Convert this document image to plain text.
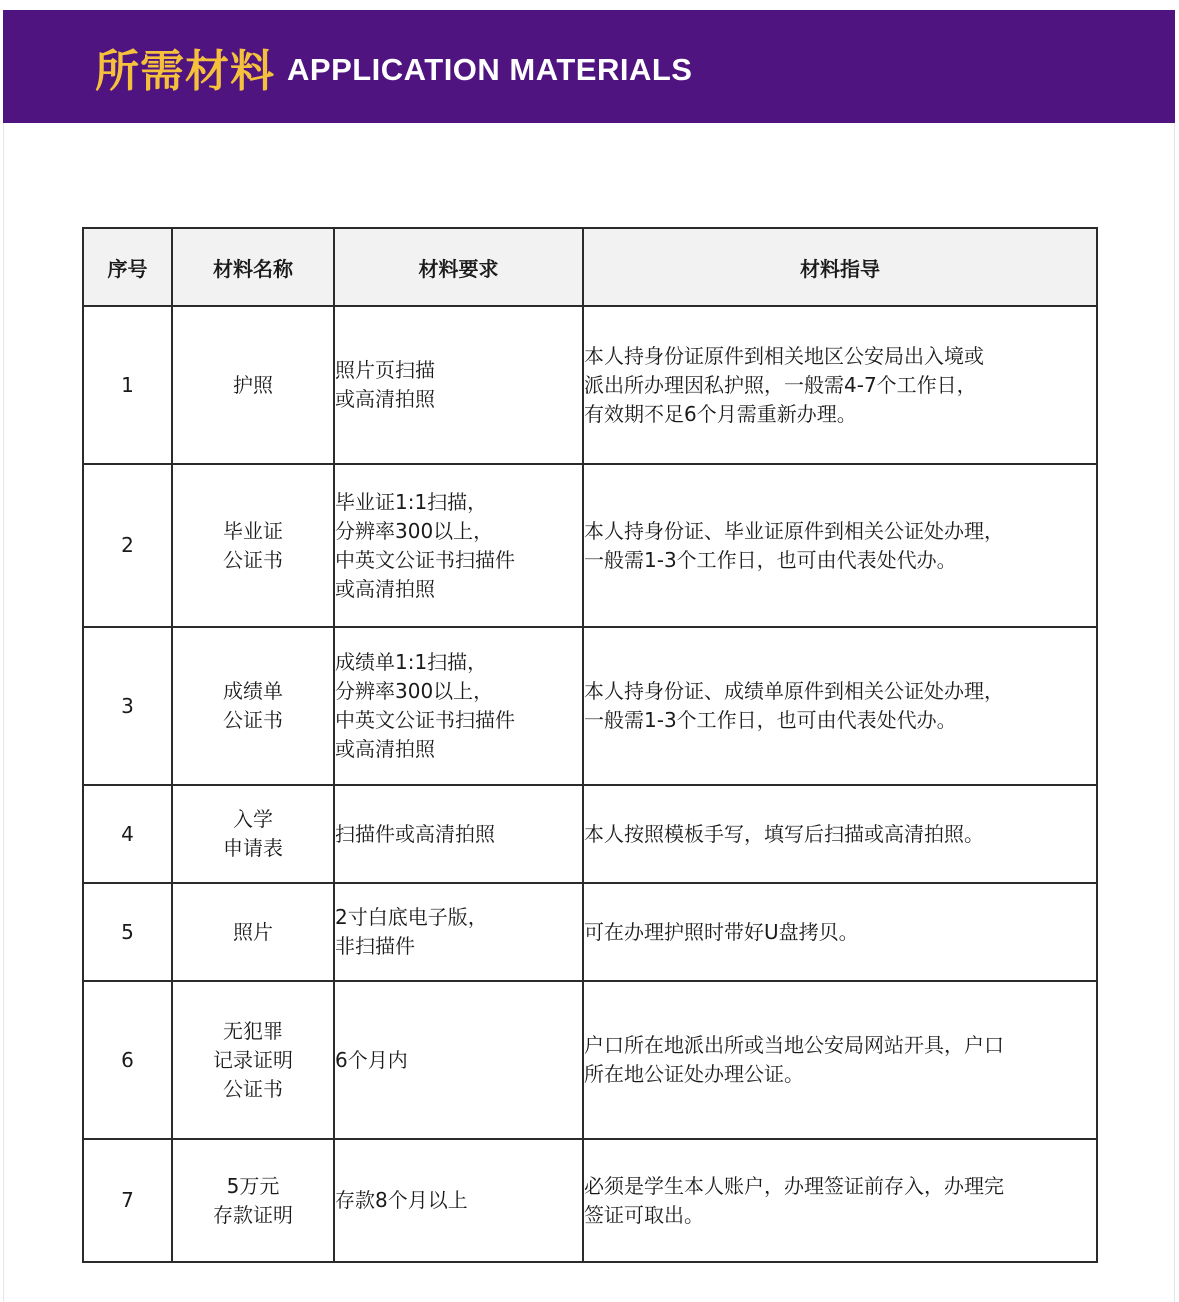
所需材料 APPLICATION MATERIALS
序号	材料名称	材料要求	材料指导
1	护照	照片页扫描
或高清拍照	本人持身份证原件到相关地区公安局出入境或
派出所办理因私护照，一般需4-7个工作日，
有效期不足6个月需重新办理。

2	毕业证
公证书	毕业证1:1扫描，
分辨率300以上，
中英文公证书扫描件
或高清拍照	本人持身份证、毕业证原件到相关公证处办理，
一般需1-3个工作日，也可由代表处代办。

3	成绩单
公证书	成绩单1:1扫描，
分辨率300以上，
中英文公证书扫描件
或高清拍照	本人持身份证、成绩单原件到相关公证处办理，
一般需1-3个工作日，也可由代表处代办。

4	入学
申请表	扫描件或高清拍照	本人按照模板手写，填写后扫描或高清拍照。

5	照片	2寸白底电子版，
非扫描件	可在办理护照时带好U盘拷贝。

6	无犯罪
记录证明
公证书	6个月内	户口所在地派出所或当地公安局网站开具，户口
所在地公证处办理公证。

7	5万元
存款证明	存款8个月以上	必须是学生本人账户，办理签证前存入，办理完
签证可取出。
